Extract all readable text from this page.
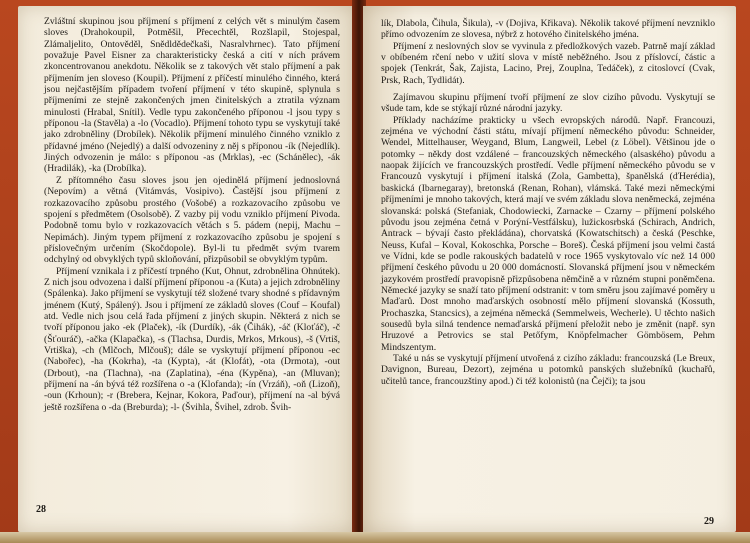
Zvláštní skupinou jsou příjmení s příjmení z celých vět s minulým časem sloves (Drahokoupil, Potměšil, Přecechtěl, Rozšlapil, Stojespal, Zlámaljelito, Ontověděl, Snědldědečkaši, Nasralvhrnec). Tato příjmení považuje Pavel Eisner za charakteristicky česká a cití v ních právem zkoncentrovanou anekdotu. Několik se z takových vět stalo příjmení a pak příjmením jen sloveso (Koupil). Příjmení z příčestí minulého činného, která jsou nejčastějším případem tvoření příjmení v této skupině, splynula s příjmeními ze stejně zakončených jmen činitelských a ztratila význam minulosti (Hrabal, Snítil). Vedle typu zakončeného příponou -l jsou typy s příponou -la (Stavěla) a -lo (Vocadlo). Příjmení tohoto typu se vyskytují také jako zdrobněliny (Drobílek). Několik příjmení minulého činného vzniklo z přídavné jméno (Nejedlý) a další odvozeniny z něj s příponou -ík (Nejedlík). Jiných odvozenin je málo: s příponou -as (Mrklas), -ec (Schánělec), -ák (Hradilák), -ka (Drobílka).

Z přítomného času sloves jsou jen ojedinělá příjmení jednoslovná (Nepovím) a větná (Vitámvás, Vosipivo). Častější jsou příjmení z rozkazovacího způsobu prostého (Vošobé) a rozkazovacího způsobu ve spojení s předmětem (Osolsobě). Z vazby pij vodu vzniklo příjmení Pivoda. Podobně tomu bylo v rozkazovacích větách s 5. pádem (nepij, Machu – Nepimách). Jiným typem příjmení z rozkazovacího způsobu je spojení s příslovečným určením (Skočdopole). Byl-li tu předmět svým tvarem odchylný od obvyklých typů skloňování, přizpůsobil se obvyklým typům.

Příjmení vznikala i z příčestí trpného (Kut, Ohnut, zdrobnělina Ohnútek). Z nich jsou odvozena i další příjmení příponou -a (Kuta) a jejich zdrobněliny (Spálenka). Jako příjmení se vyskytují též složené tvary shodné s přídavným jménem (Kutý, Spálený). Jsou i příjmení ze základů sloves (Couf – Koufal) atd. Vedle nich jsou celá řada příjmení z jiných skupin. Některá z nich se tvoří příponou jako -ek (Plaček), -ík (Durdík), -ák (Čihák), -áč (Kloťáč), -č (Šťouráč), -ačka (Klapačka), -s (Tlachsa, Durdis, Mrkos, Mrkous), -š (Vrtiš, Vrtiška), -ch (Mlčoch, Mlčouš); dále se vyskytují příjmení příponou -ec (Nabořec), -ha (Kokrha), -ta (Kypta), -át (Klofát), -ota (Drmota), -out (Drbout), -na (Tlachna), -na (Zaplatina), -éna (Kypěna), -an (Mluvan); příjmení na -án bývá též rozšířena o -a (Klofanda); -ín (Vrzáň), -oň (Lizoň), -oun (Krhoun); -r (Brebera, Kejnar, Kokora, Paďour), příjmení na -al bývá ještě rozšířena o -da (Breburda); -l- (Švihla, Švihel, zdrob. Švih-

28

lík, Dlabola, Čihula, Šikula), -v (Dojiva, Křikava). Několik takové příjmení nevzniklo přímo odvozením ze slovesa, nýbrž z hotového činitelského jména.

Příjmení z neslovných slov se vyvinula z předložkových vazeb. Patrně mají základ v obíbeném rčení nebo v užití slova v místě neběžného. Jsou z příslovcí, částic a spojek (Tenkrát, Šak, Zajista, Lacino, Prej, Zouplna, Tedáček), z citoslovcí (Cvak, Prsk, Rach, Tydlidát).

Zajímavou skupinu příjmení tvoří příjmení ze slov cizího původu. Vyskytují se všude tam, kde se stýkají různé národní jazyky.

Příklady nacházíme prakticky u všech evropských národů. Např. Francouzi, zejména ve východní části státu, mívají příjmení německého původu: Schneider, Wendel, Mittelhauser, Weygand, Blum, Langweil, Lebel (z Löbel). Většinou jde o potomky – někdy dost vzdálené – francouzských německého (alsaského) původu a naopak žijících ve francouzských prostředí. Vedle příjmení německého původu se v Francouzů vyskytují i příjmení italská (Zola, Gambetta), španělská (ďHerédia), baskická (Ibarnegaray), bretonská (Renan, Rohan), vlámská. Také mezi německými příjmeními je mnoho takových, která mají ve svém základu slova neněmecká, zejména slovanská: polská (Stefaniak, Chodowiecki, Zarnacke – Czarny – příjmení polského původu jsou zejména četná v Porýní-Vestfálsku), lužickosrbská (Schirach, Andrich, Antrack – bývají často překládána), chorvatská (Kowatschitsch) a česká (Peschke, Neuss, Kufal – Koval, Kokoschka, Porsche – Boreš). Česká příjmení jsou velmi častá ve Vídni, kde se podle rakouských badatelů v roce 1965 vyskytovalo víc než 14 000 příjmení českého původu u 20 000 domácností. Slovanská příjmení jsou v německém jazykovém prostředí pravopisně přizpůsobena němčině a v různém stupni poněmčena. Německé jazyky se snaží tato příjmení odstranit: v tom směru jsou zajímavé poměry u Maďarů. Dost mnoho maďarských osobností mělo příjmení slovanská (Kossuth, Prochaszka, Stancsics), a zejména německá (Semmelweis, Wecherle). U těchto našich sousedů byla silná tendence nemaďarská příjmení přeložit nebo je změnit (např. syn Hruzové a Petrovics se stal Petőfym, Knöpfelmacher Gömbösem, Pehm Mindszentym.

Také u nás se vyskytují příjmení utvořená z cizího základu: francouzská (Le Breux, Davignon, Bureau, Dezort), zejména u potomků panských služebníků (kuchařů, učitelů tance, francouzštiny apod.) či též kolonistů (na Čejči); ta jsou

29
